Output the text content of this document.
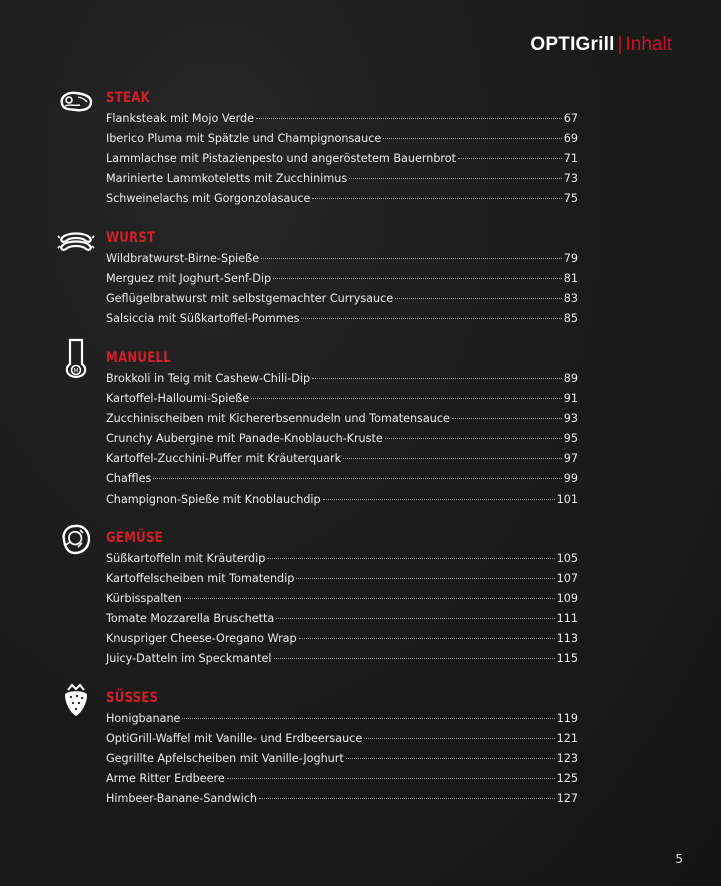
OPTIGrill | Inhalt
STEAK
Flanksteak mit Mojo Verde	67
Iberico Pluma mit Spätzle und Champignonsauce	69
Lammlachse mit Pistazienpesto und angeröstetem Bauernbrot	71
Marinierte Lammkoteletts mit Zucchinimus	73
Schweinelachs mit Gorgonzolasauce	75
WURST
Wildbratwurst-Birne-Spieße	79
Merguez mit Joghurt-Senf-Dip	81
Geflügelbratwurst mit selbstgemachter Currysauce	83
Salsiccia mit Süßkartoffel-Pommes	85
M
MANUELL
Brokkoli in Teig mit Cashew-Chili-Dip	89
Kartoffel-Halloumi-Spieße	91
Zucchinischeiben mit Kichererbsennudeln und Tomatensauce	93
Crunchy Aubergine mit Panade-Knoblauch-Kruste	95
Kartoffel-Zucchini-Puffer mit Kräuterquark	97
Chaffles	99
Champignon-Spieße mit Knoblauchdip	101
GEMÜSE
Süßkartoffeln mit Kräuterdip	105
Kartoffelscheiben mit Tomatendip	107
Kürbisspalten	109
Tomate Mozzarella Bruschetta	111
Knuspriger Cheese-Oregano Wrap	113
Juicy-Datteln im Speckmantel	115
SÜSSES
Honigbanane	119
OptiGrill-Waffel mit Vanille- und Erdbeersauce	121
Gegrillte Apfelscheiben mit Vanille-Joghurt	123
Arme Ritter Erdbeere	125
Himbeer-Banane-Sandwich	127
5
